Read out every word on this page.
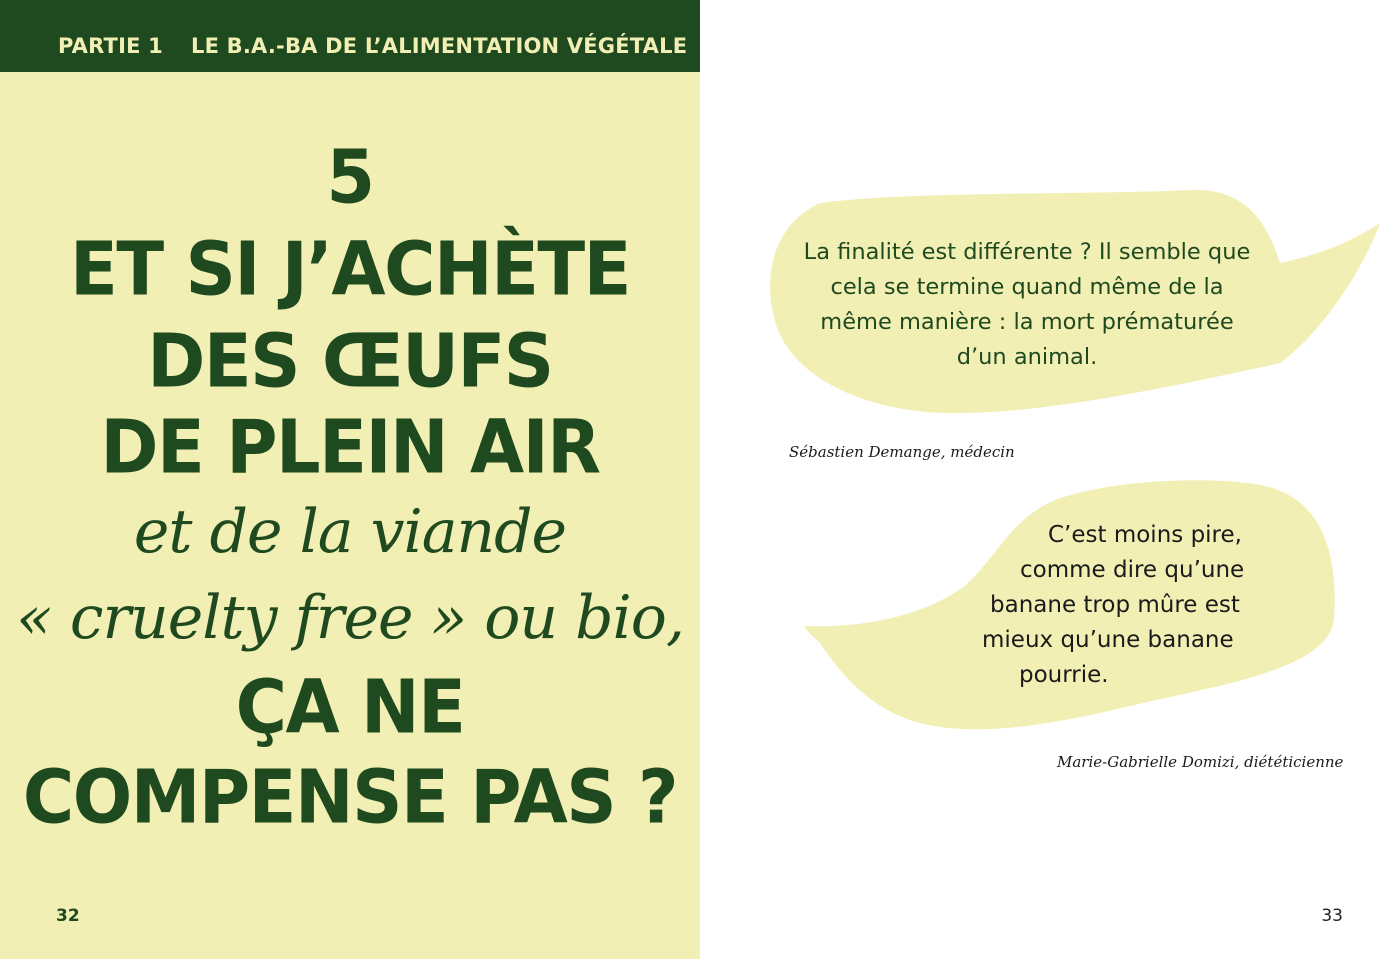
PARTIE 1 LE B.A.-BA DE L’ALIMENTATION VÉGÉTALE
5
ET SI J’ACHÈTE
DES ŒUFS
DE PLEIN AIR
et de la viande
« cruelty free » ou bio,
ÇA NE
COMPENSE PAS ?
32
La finalité est différente ? Il semble que cela se termine quand même de la même manière : la mort prématurée d’un animal.
Sébastien Demange, médecin
C’est moins pire,
comme dire qu’une
banane trop mûre est
mieux qu’une banane
pourrie.
Marie-Gabrielle Domizi, diététicienne
33
